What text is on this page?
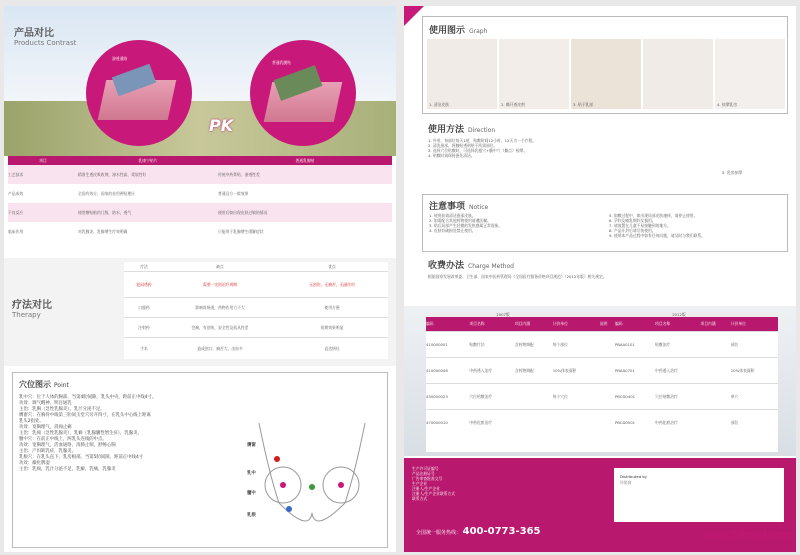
产品对比
Products Contrast
渗透通路
普通乳膜贴
PK
项目	乳康宁贴片	普通乳腺贴
工艺技术	精准生透皮吸收剂，渗水性高，柔软性好	传统中药膏贴，渗透性差
产品成效	全国有效方，国家的首用两贴理应	普通汉方一般效果
不良反应	使用敷贴粘约几级，防水，透气	使用后如出现皮肤过敏的情况
临床作用	对乳腺炎、乳腺增生疗效明确	只能用于乳腺增生缓解症状
疗法对比
Therapy
疗法	缺点	优点
泥闷透药	需要一定的治疗周期	无创伤，无痛苦，无副作用
口服药	影响胃肠道，药物作用力不大	使用方便
注射药	会痛，有创伤，安全性及依从性差	短期效果明显
手术	造成创口，痛苦大，出血多	直达病灶
穴位图示 Point
乳中穴：位于人体的胸部，当第4肋间隙，乳头中央，距前正中线4寸。
功效：调气醒神，明目通乳
主治：乳胸（急性乳腺炎），乳汁分泌不足。
膺窗穴：在胸骨中线第三肋间玉堂穴旁开四寸，在乳头中心线上距离
乳头2指处。
功效：宽胸理气，消痈止痛
主治：乳痈（急性乳腺炎），乳癖（乳腺囊性增生症），乳腺炎。
膻中穴：在前正中线上，两乳头连线的中点。
功效：宽胸理气，活血通络，清肺止喘，舒畅心胸
主治：产妇缺乳症，乳腺炎。
乳根穴：在乳头直下，乳房根部，当第5肋间隙，距前正中线4寸
功效：燥化脾湿
主治：乳痈，乳汁分泌不足，乳癖，乳痛，乳腺炎
膺窗
乳中
膻中
乳根
使用图示 Graph
1. 清洁皮肤	2. 撕开透皮剂	3. 贴于乳部	4. 按摩乳房
使用方法 Direction
1. 外用，每部位每天1贴，贴敷时间12小时，12天为一个疗程。
2. 清洗患部，将腺贴透明贴于所需部位。
3. 选择穴位贴敷时，可选择乳根穴+膻中穴（撕点）按摩。
4. 贴敷时请保持患处清洁。
5. 乳房按摩
注意事项 Notice
1. 使用前请清洁患部皮肤。
2. 如需配合其他药物使用请遵医嘱。
3. 贴后局部产生轻微的发热感属正常现象。
4. 皮肤有破损处禁止使用。
5. 如敷过程中，如出现局部皮肤瘙痒，请停止使用。
6. 孕妇及哺乳期妇女慎用。
7. 请放置在儿童不易接触到的地方。
8. 产品开封后请尽快使用。
9. 使用本产品过程中如有任何问题，请及时与我们联系。
收费办法 Charge Method
根据国家发展改革委、卫生部、国家中医药管理局《全国医疗服务价格项目规范》（2012年版）相关规定。
2007版	2012版
编码	项目名称	项目内涵	计价单位	说明	编码	项目名称	项目内涵	计价单位
410000001	贴敷疗法	含药物调配	每个部位		PBAA0101	贴敷治疗		部位
410000008	中药透入治疗	含药物调配	10%体表面积		PBAA0701	中药透入治疗		10%体表面积
430000023	穴位贴敷治疗		每个穴位		PBCD0401	穴位贴敷治疗		单穴
470000010	中药化瘀治疗				PBCD0501	中药化瘀治疗		部位
生产许可证编号
产品注册证号
广告审查批准文号
生产企业
注册人/生产企业
注册人/生产企业联系方式
联系方式
全国统一服务热线： 400-0773-365
Distributed by
经销商
www.59med.com
